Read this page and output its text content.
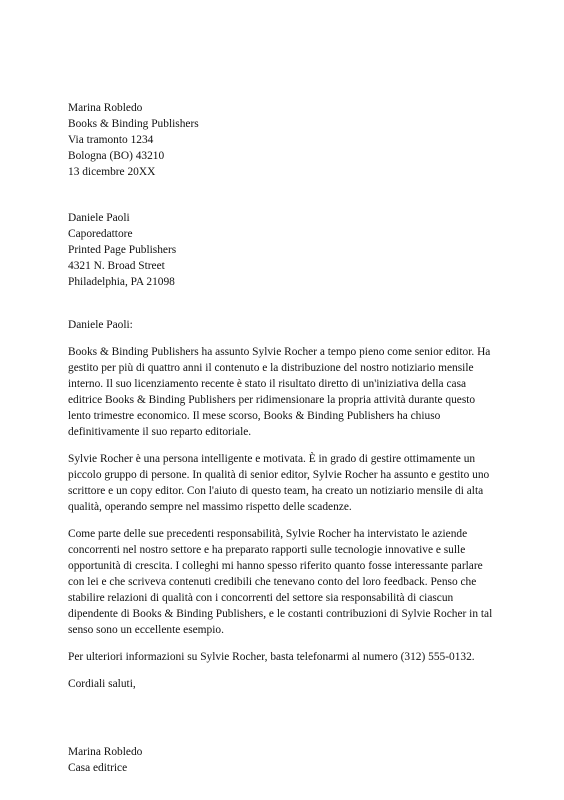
Marina Robledo
Books & Binding Publishers
Via tramonto 1234
Bologna (BO) 43210
13 dicembre 20XX
Daniele Paoli
Caporedattore
Printed Page Publishers
4321 N. Broad Street
Philadelphia, PA 21098

Daniele Paoli:

Books & Binding Publishers ha assunto Sylvie Rocher a tempo pieno come senior editor. Ha gestito per più di quattro anni il contenuto e la distribuzione del nostro notiziario mensile interno. Il suo licenziamento recente è stato il risultato diretto di un'iniziativa della casa editrice Books & Binding Publishers per ridimensionare la propria attività durante questo lento trimestre economico. Il mese scorso, Books & Binding Publishers ha chiuso definitivamente il suo reparto editoriale.

Sylvie Rocher è una persona intelligente e motivata. È in grado di gestire ottimamente un piccolo gruppo di persone. In qualità di senior editor, Sylvie Rocher ha assunto e gestito uno scrittore e un copy editor. Con l'aiuto di questo team, ha creato un notiziario mensile di alta qualità, operando sempre nel massimo rispetto delle scadenze.

Come parte delle sue precedenti responsabilità, Sylvie Rocher ha intervistato le aziende concorrenti nel nostro settore e ha preparato rapporti sulle tecnologie innovative e sulle opportunità di crescita. I colleghi mi hanno spesso riferito quanto fosse interessante parlare con lei e che scriveva contenuti credibili che tenevano conto del loro feedback. Penso che stabilire relazioni di qualità con i concorrenti del settore sia responsabilità di ciascun dipendente di Books & Binding Publishers, e le costanti contribuzioni di Sylvie Rocher in tal senso sono un eccellente esempio.

Per ulteriori informazioni su Sylvie Rocher, basta telefonarmi al numero (312) 555-0132.

Cordiali saluti,

Marina Robledo
Casa editrice
